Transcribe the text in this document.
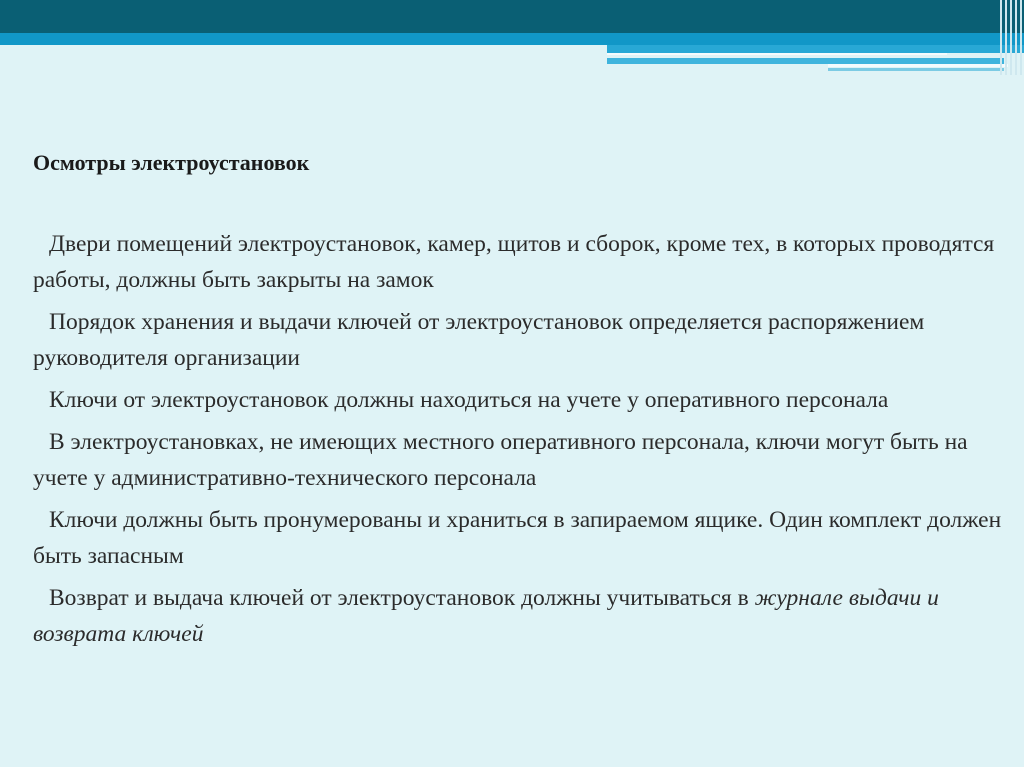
Осмотры электроустановок

Двери помещений электроустановок, камер, щитов и сборок, кроме тех, в которых проводятся работы, должны быть закрыты на замок

Порядок хранения и выдачи ключей от электроустановок определяется распоряжением руководителя организации

Ключи от электроустановок должны находиться на учете у оперативного персонала

В электроустановках, не имеющих местного оперативного персонала, ключи могут быть на учете у административно-технического персонала

Ключи должны быть пронумерованы и храниться в запираемом ящике. Один комплект должен быть запасным

Возврат и выдача ключей от электроустановок должны учитываться в журнале выдачи и возврата ключей
